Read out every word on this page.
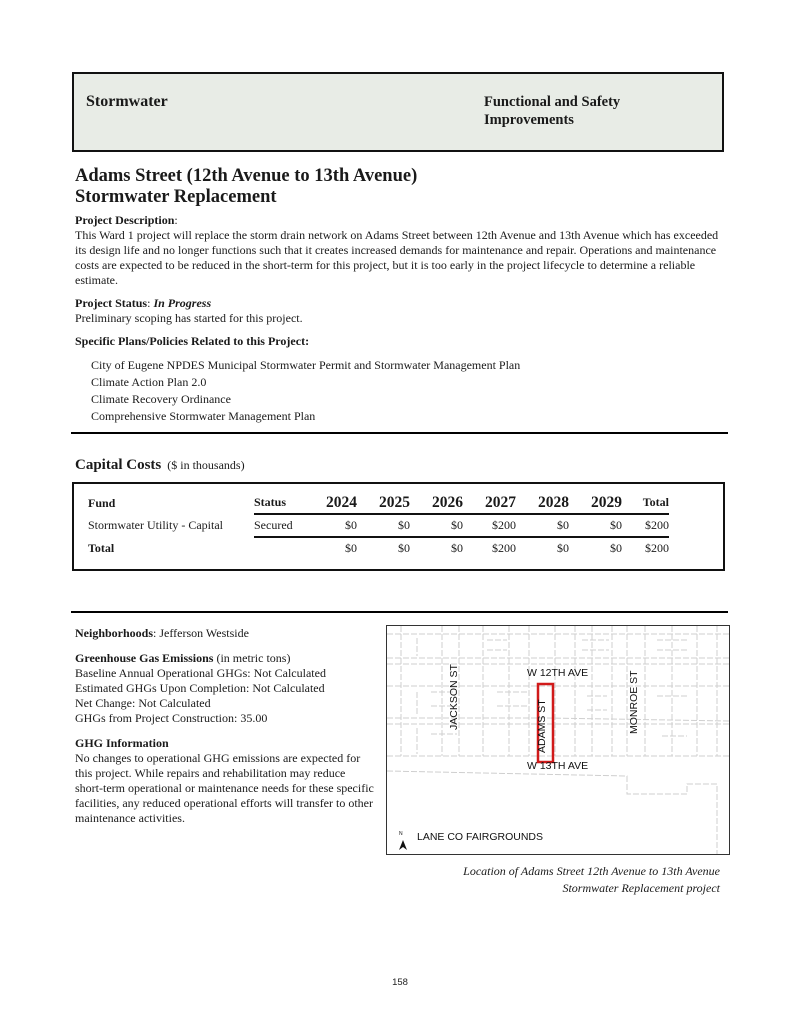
Stormwater	Functional and Safety Improvements
Adams Street (12th Avenue to 13th Avenue)
Stormwater Replacement
Project Description:
This Ward 1 project will replace the storm drain network on Adams Street between 12th Avenue and 13th Avenue which has exceeded its design life and no longer functions such that it creates increased demands for maintenance and repair. Operations and maintenance costs are expected to be reduced in the short-term for this project, but it is too early in the project lifecycle to determine a reliable estimate.
Project Status: In Progress
Preliminary scoping has started for this project.
Specific Plans/Policies Related to this Project:
City of Eugene NPDES Municipal Stormwater Permit and Stormwater Management Plan
Climate Action Plan 2.0
Climate Recovery Ordinance
Comprehensive Stormwater Management Plan
Capital Costs ($ in thousands)
Fund	Status	2024	2025	2026	2027	2028	2029	Total
Stormwater Utility - Capital	Secured	$0	$0	$0	$200	$0	$0	$200
Total		$0	$0	$0	$200	$0	$0	$200
Neighborhoods: Jefferson Westside
Greenhouse Gas Emissions (in metric tons)
Baseline Annual Operational GHGs: Not Calculated
Estimated GHGs Upon Completion: Not Calculated
Net Change: Not Calculated
GHGs from Project Construction: 35.00
GHG Information
No changes to operational GHG emissions are expected for this project. While repairs and rehabilitation may reduce short-term operational or maintenance needs for these specific facilities, any reduced operational efforts will transfer to other maintenance activities.
W 12TH AVE
W 13TH AVE
JACKSON ST	ADAMS ST	MONROE ST
LANE CO FAIRGROUNDS
N
Location of Adams Street 12th Avenue to 13th Avenue
Stormwater Replacement project
158
